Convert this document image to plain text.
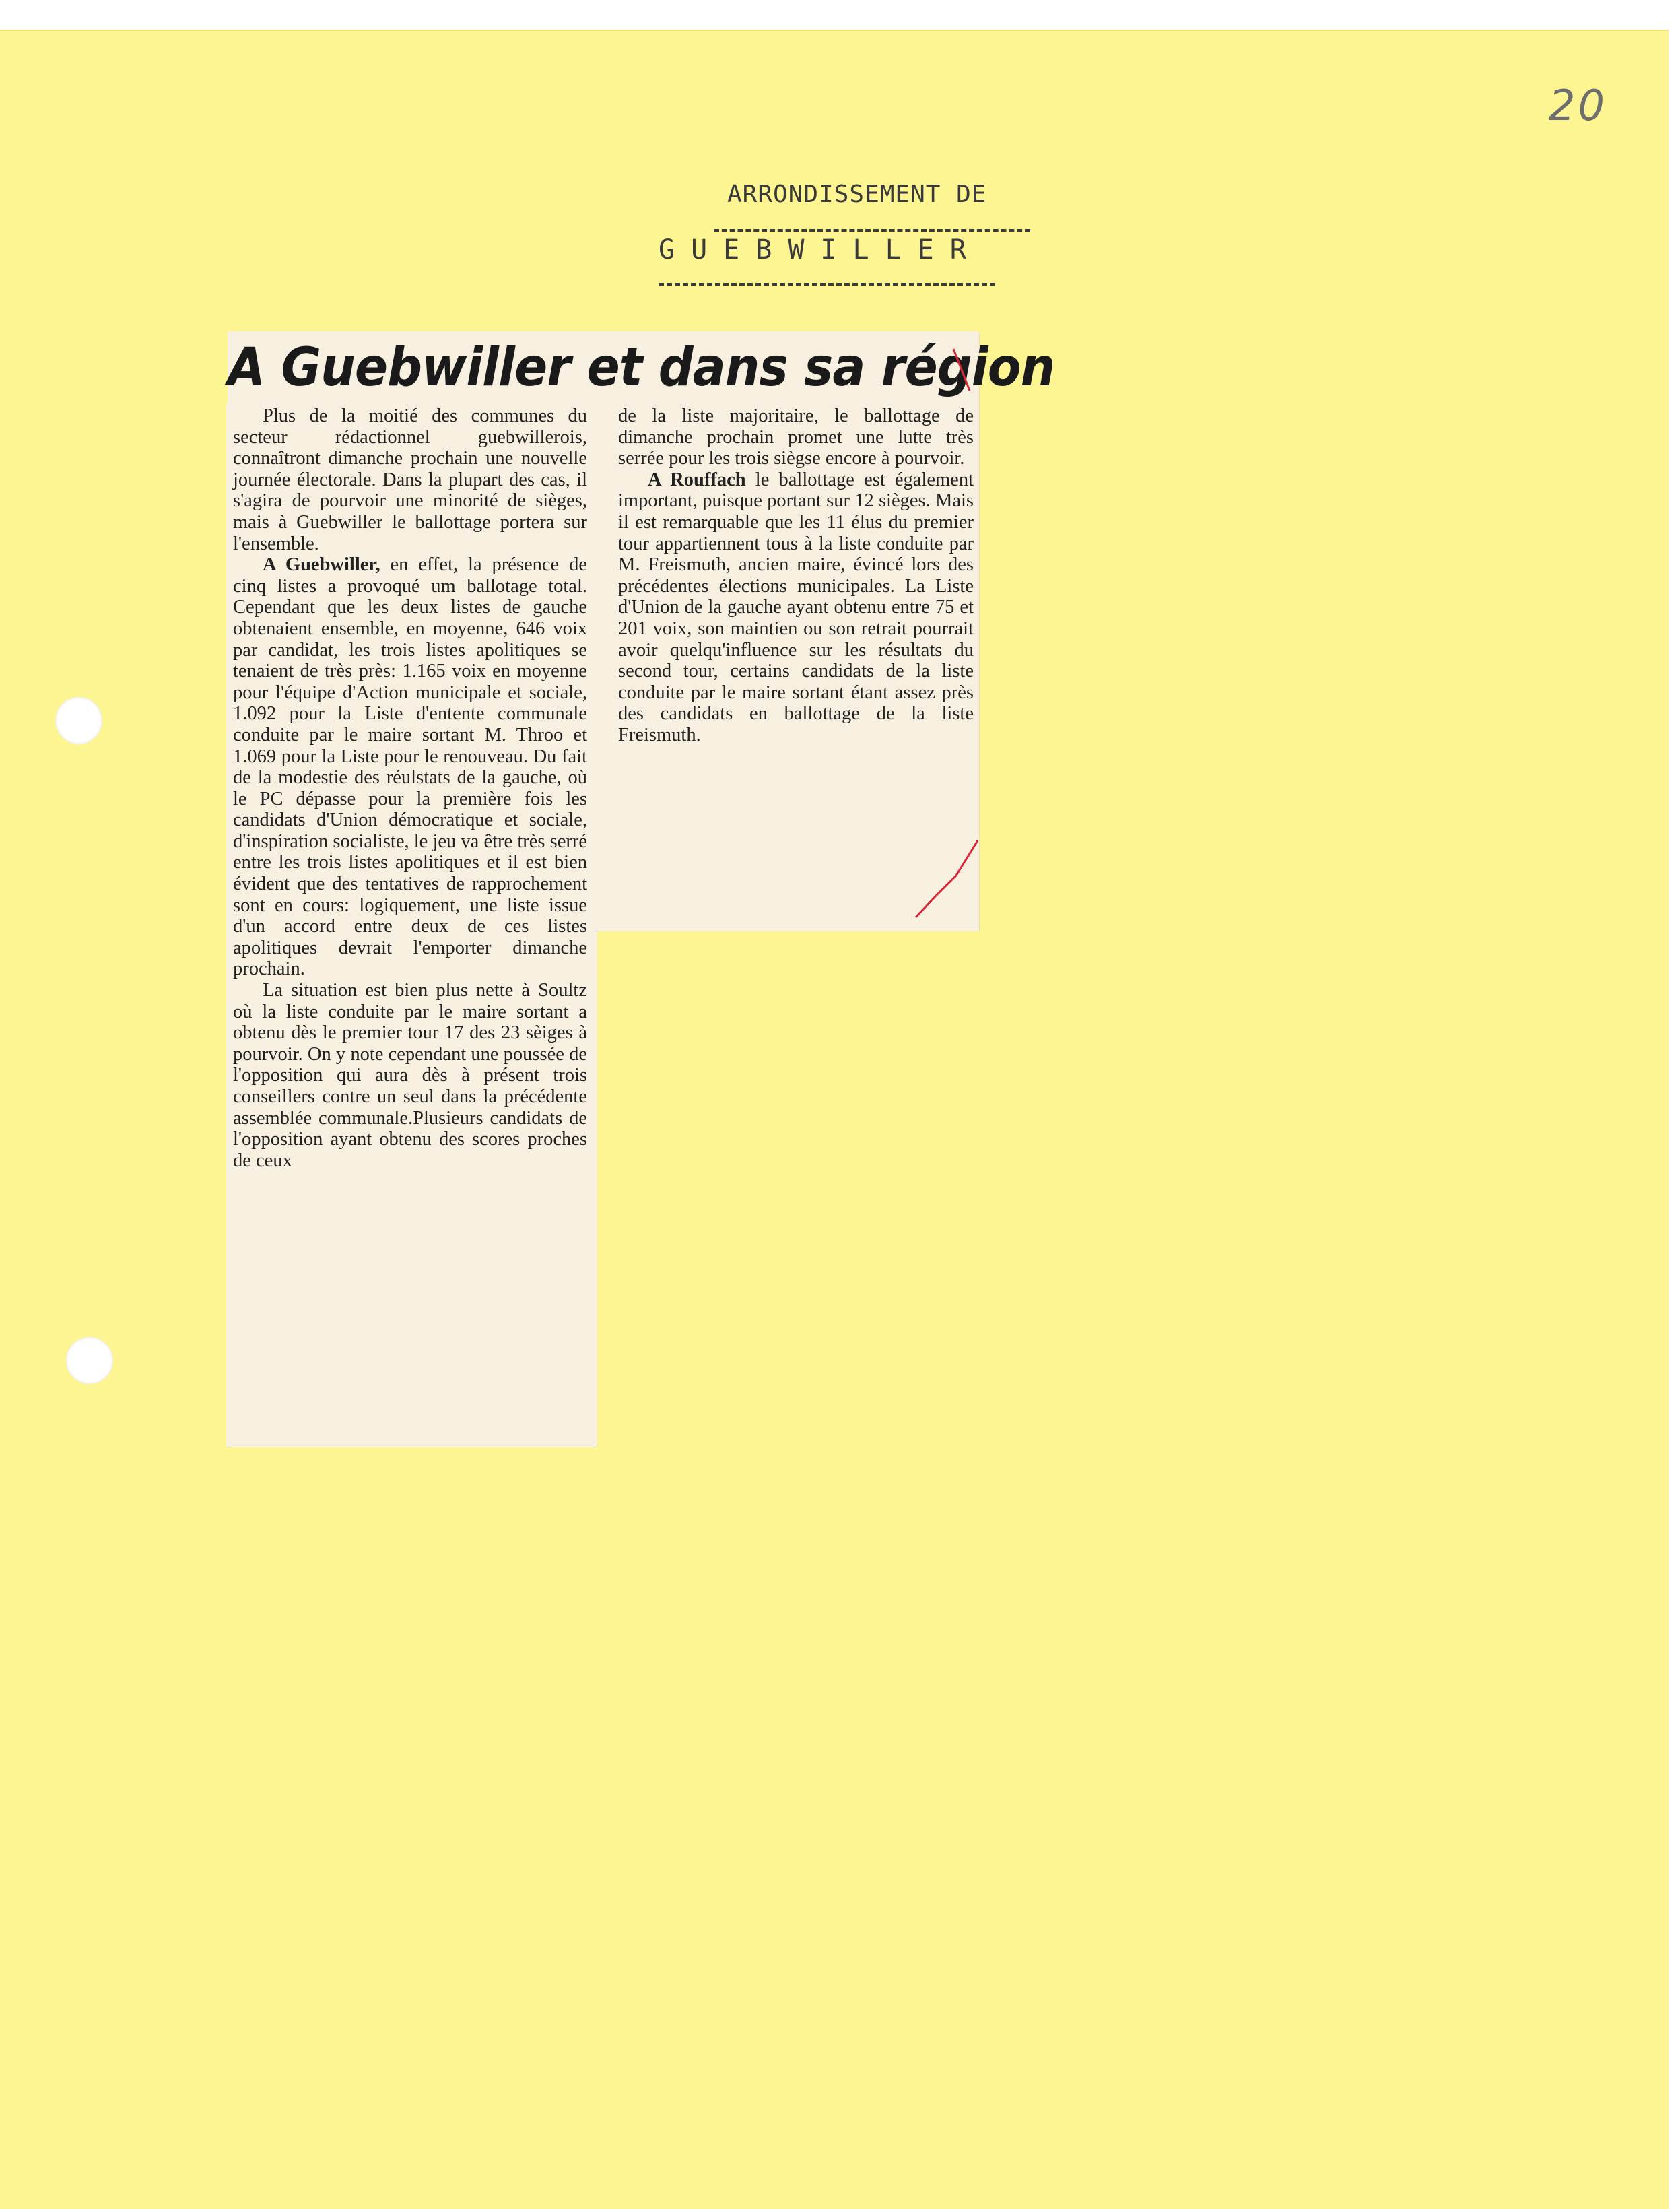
20
ARRONDISSEMENT DE
GUEBWILLER
A Guebwiller et dans sa région

Plus de la moitié des communes du secteur rédactionnel guebwillerois, connaîtront dimanche prochain une nouvelle journée électorale. Dans la plupart des cas, il s'agira de pourvoir une minorité de sièges, mais à Guebwiller le ballottage portera sur l'ensemble.

A Guebwiller, en effet, la présence de cinq listes a provoqué um ballotage total. Cependant que les deux listes de gauche obtenaient ensemble, en moyenne, 646 voix par candidat, les trois listes apolitiques se tenaient de très près: 1.165 voix en moyenne pour l'équipe d'Action municipale et sociale, 1.092 pour la Liste d'entente communale conduite par le maire sortant M. Throo et 1.069 pour la Liste pour le renouveau. Du fait de la modestie des réulstats de la gauche, où le PC dépasse pour la première fois les candidats d'Union démocratique et sociale, d'inspiration socialiste, le jeu va être très serré entre les trois listes apolitiques et il est bien évident que des tentatives de rapprochement sont en cours: logiquement, une liste issue d'un accord entre deux de ces listes apolitiques devrait l'emporter dimanche prochain.

La situation est bien plus nette à Soultz où la liste conduite par le maire sortant a obtenu dès le premier tour 17 des 23 sèiges à pourvoir. On y note cependant une poussée de l'opposition qui aura dès à présent trois conseillers contre un seul dans la précédente assemblée communale.Plusieurs candidats de l'opposition ayant obtenu des scores proches de ceux

de la liste majoritaire, le ballottage de dimanche prochain promet une lutte très serrée pour les trois siègse encore à pourvoir.

A Rouffach le ballottage est également important, puisque portant sur 12 sièges. Mais il est remarquable que les 11 élus du premier tour appartiennent tous à la liste conduite par M. Freismuth, ancien maire, évincé lors des précédentes élections municipales. La Liste d'Union de la gauche ayant obtenu entre 75 et 201 voix, son maintien ou son retrait pourrait avoir quelqu'influence sur les résultats du second tour, certains candidats de la liste conduite par le maire sortant étant assez près des candidats en ballottage de la liste Freismuth.
